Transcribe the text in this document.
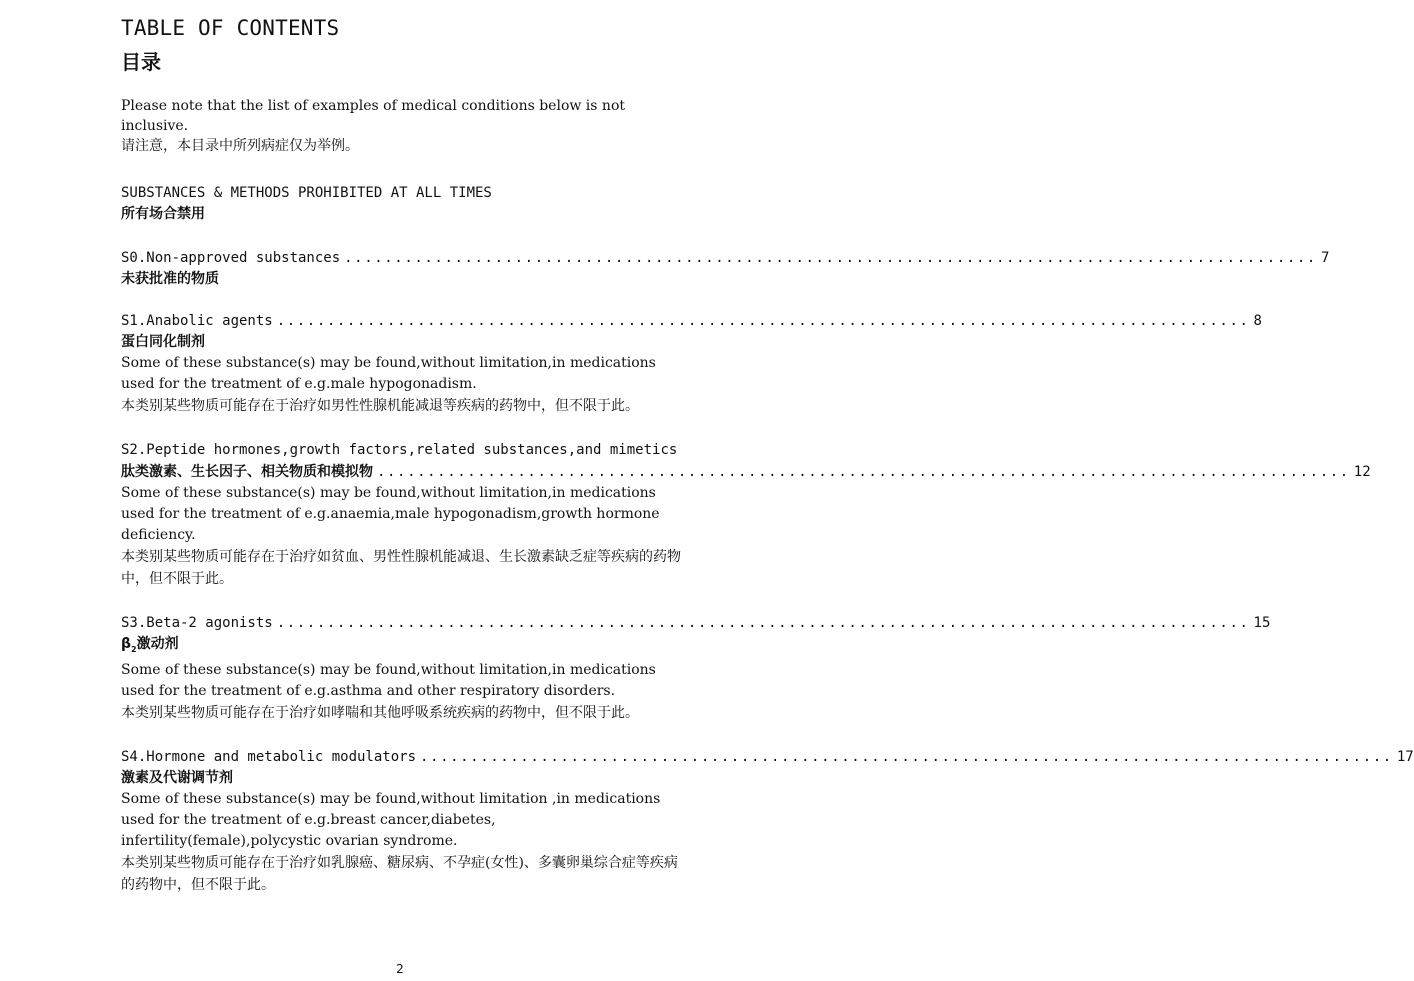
TABLE OF CONTENTS
目录

Please note that the list of examples of medical conditions below is not inclusive.

请注意，本目录中所列病症仅为举例。

SUBSTANCES & METHODS PROHIBITED AT ALL TIMES
所有场合禁用
S0.Non-approved substances ................................................................................................. 7
未获批准的物质
S1.Anabolic agents ................................................................................................. 8
蛋白同化制剂

Some of these substance(s) may be found,without limitation,in medications used for the treatment of e.g.male hypogonadism.

本类别某些物质可能存在于治疗如男性性腺机能减退等疾病的药物中，但不限于此。

S2.Peptide hormones,growth factors,related substances,and mimetics
肽类激素、生长因子、相关物质和模拟物 ................................................................................................. 12

Some of these substance(s) may be found,without limitation,in medications used for the treatment of e.g.anaemia,male hypogonadism,growth hormone deficiency.

本类别某些物质可能存在于治疗如贫血、男性性腺机能减退、生长激素缺乏症等疾病的药物中，但不限于此。

S3.Beta-2 agonists ................................................................................................. 15
$\beta_2$激动剂

Some of these substance(s) may be found,without limitation,in medications used for the treatment of e.g.asthma and other respiratory disorders.

本类别某些物质可能存在于治疗如哮喘和其他呼吸系统疾病的药物中，但不限于此。

S4.Hormone and metabolic modulators ................................................................................................. 17
激素及代谢调节剂

Some of these substance(s) may be found,without limitation ,in medications used for the treatment of e.g.breast cancer,diabetes, infertility(female),polycystic ovarian syndrome.

本类别某些物质可能存在于治疗如乳腺癌、糖尿病、不孕症(女性)、多囊卵巢综合症等疾病的药物中，但不限于此。

2
